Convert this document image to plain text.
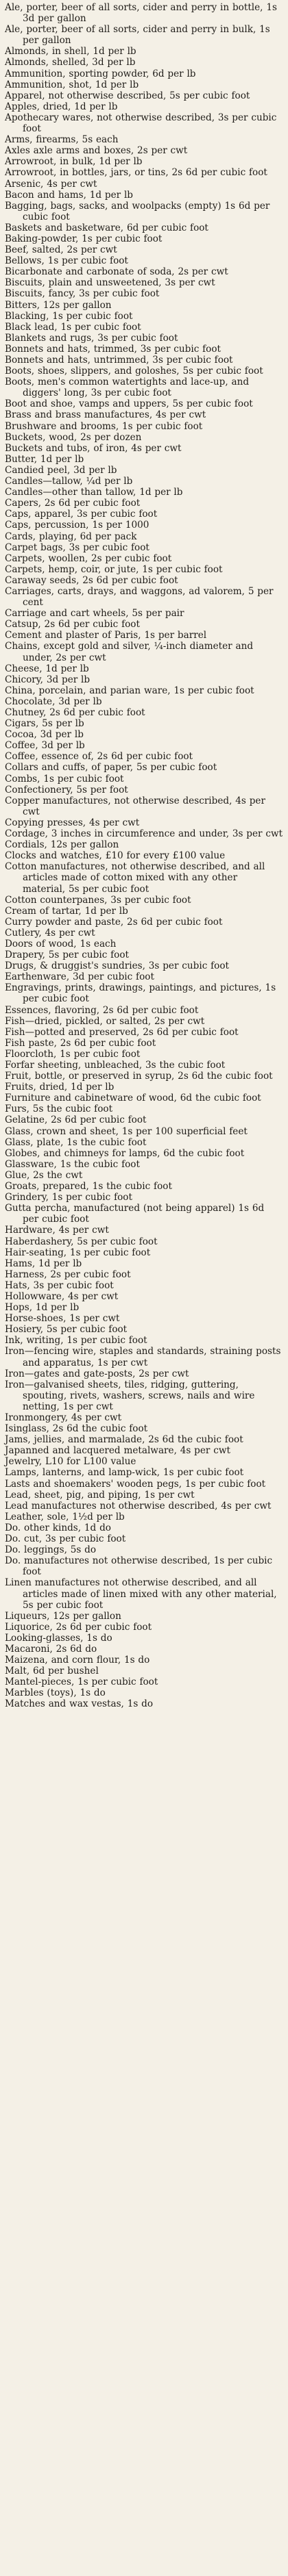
Ale, porter, beer of all sorts, cider and perry in bottle, 1s 3d per gallon
Ale, porter, beer of all sorts, cider and perry in bulk, 1s per gallon
Almonds, in shell, 1d per lb
Almonds, shelled, 3d per lb
Ammunition, sporting powder, 6d per lb
Ammunition, shot, 1d per lb
Apparel, not otherwise described, 5s per cubic foot
Apples, dried, 1d per lb
Apothecary wares, not otherwise described, 3s per cubic foot
Arms, firearms, 5s each
Axles axle arms and boxes, 2s per cwt
Arrowroot, in bulk, 1d per lb
Arrowroot, in bottles, jars, or tins, 2s 6d per cubic foot
Arsenic, 4s per cwt
Bacon and hams, 1d per lb
Bagging, bags, sacks, and woolpacks (empty) 1s 6d per cubic foot
Baskets and basketware, 6d per cubic foot
Baking-powder, 1s per cubic foot
Beef, salted, 2s per cwt
Bellows, 1s per cubic foot
Bicarbonate and carbonate of soda, 2s per cwt
Biscuits, plain and unsweetened, 3s per cwt
Biscuits, fancy, 3s per cubic foot
Bitters, 12s per gallon
Blacking, 1s per cubic foot
Black lead, 1s per cubic foot
Blankets and rugs, 3s per cubic foot
Bonnets and hats, trimmed, 3s per cubic foot
Bonnets and hats, untrimmed, 3s per cubic foot
Boots, shoes, slippers, and goloshes, 5s per cubic foot
Boots, men's common watertights and lace-up, and diggers' long, 3s per cubic foot
Boot and shoe, vamps and uppers, 5s per cubic foot
Brass and brass manufactures, 4s per cwt
Brushware and brooms, 1s per cubic foot
Buckets, wood, 2s per dozen
Buckets and tubs, of iron, 4s per cwt
Butter, 1d per lb
Candied peel, 3d per lb
Candles—tallow, ¼d per lb
Candles—other than tallow, 1d per lb
Capers, 2s 6d per cubic foot
Caps, apparel, 3s per cubic foot
Caps, percussion, 1s per 1000
Cards, playing, 6d per pack
Carpet bags, 3s per cubic foot
Carpets, woollen, 2s per cubic foot
Carpets, hemp, coir, or jute, 1s per cubic foot
Caraway seeds, 2s 6d per cubic foot
Carriages, carts, drays, and waggons, ad valorem, 5 per cent
Carriage and cart wheels, 5s per pair
Catsup, 2s 6d per cubic foot
Cement and plaster of Paris, 1s per barrel
Chains, except gold and silver, ¼-inch diameter and under, 2s per cwt
Cheese, 1d per lb
Chicory, 3d per lb
China, porcelain, and parian ware, 1s per cubic foot
Chocolate, 3d per lb
Chutney, 2s 6d per cubic foot
Cigars, 5s per lb
Cocoa, 3d per lb
Coffee, 3d per lb
Coffee, essence of, 2s 6d per cubic foot
Collars and cuffs, of paper, 5s per cubic foot
Combs, 1s per cubic foot
Confectionery, 5s per foot
Copper manufactures, not otherwise described, 4s per cwt
Copying presses, 4s per cwt
Cordage, 3 inches in circumference and under, 3s per cwt
Cordials, 12s per gallon
Clocks and watches, £10 for every £100 value
Cotton manufactures, not otherwise described, and all articles made of cotton mixed with any other material, 5s per cubic foot
Cotton counterpanes, 3s per cubic foot
Cream of tartar, 1d per lb
Curry powder and paste, 2s 6d per cubic foot
Cutlery, 4s per cwt
Doors of wood, 1s each
Drapery, 5s per cubic foot
Drugs, & druggist's sundries, 3s per cubic foot
Earthenware, 3d per cubic foot
Engravings, prints, drawings, paintings, and pictures, 1s per cubic foot
Essences, flavoring, 2s 6d per cubic foot
Fish—dried, pickled, or salted, 2s per cwt
Fish—potted and preserved, 2s 6d per cubic foot
Fish paste, 2s 6d per cubic foot
Floorcloth, 1s per cubic foot
Forfar sheeting, unbleached, 3s the cubic foot
Fruit, bottle, or preserved in syrup, 2s 6d the cubic foot
Fruits, dried, 1d per lb
Furniture and cabinetware of wood, 6d the cubic foot
Furs, 5s the cubic foot
Gelatine, 2s 6d per cubic foot
Glass, crown and sheet, 1s per 100 superficial feet
Glass, plate, 1s the cubic foot
Globes, and chimneys for lamps, 6d the cubic foot
Glassware, 1s the cubic foot
Glue, 2s the cwt
Groats, prepared, 1s the cubic foot
Grindery, 1s per cubic foot
Gutta percha, manufactured (not being apparel) 1s 6d per cubic foot
Hardware, 4s per cwt
Haberdashery, 5s per cubic foot
Hair-seating, 1s per cubic foot
Hams, 1d per lb
Harness, 2s per cubic foot
Hats, 3s per cubic foot
Hollowware, 4s per cwt
Hops, 1d per lb
Horse-shoes, 1s per cwt
Hosiery, 5s per cubic foot
Ink, writing, 1s per cubic foot
Iron—fencing wire, staples and standards, straining posts and apparatus, 1s per cwt
Iron—gates and gate-posts, 2s per cwt
Iron—galvanised sheets, tiles, ridging, guttering, spouting, rivets, washers, screws, nails and wire netting, 1s per cwt
Ironmongery, 4s per cwt
Isinglass, 2s 6d the cubic foot
Jams, jellies, and marmalade, 2s 6d the cubic foot
Japanned and lacquered metalware, 4s per cwt
Jewelry, L10 for L100 value
Lamps, lanterns, and lamp-wick, 1s per cubic foot
Lasts and shoemakers' wooden pegs, 1s per cubic foot
Lead, sheet, pig, and piping, 1s per cwt
Lead manufactures not otherwise described, 4s per cwt
Leather, sole, 1½d per lb
Do. other kinds, 1d do
Do. cut, 3s per cubic foot
Do. leggings, 5s do
Do. manufactures not otherwise described, 1s per cubic foot
Linen manufactures not otherwise described, and all articles made of linen mixed with any other material, 5s per cubic foot
Liqueurs, 12s per gallon
Liquorice, 2s 6d per cubic foot
Looking-glasses, 1s do
Macaroni, 2s 6d do
Maizena, and corn flour, 1s do
Malt, 6d per bushel
Mantel-pieces, 1s per cubic foot
Marbles (toys), 1s do
Matches and wax vestas, 1s do
